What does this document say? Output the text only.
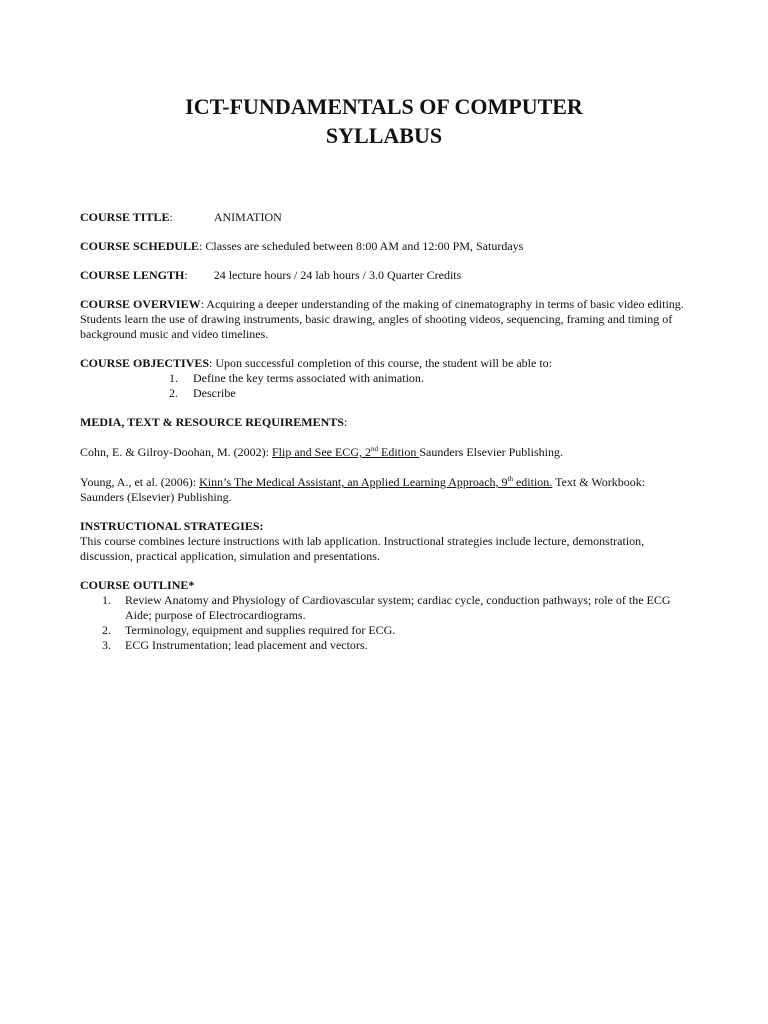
ICT-FUNDAMENTALS OF COMPUTER
SYLLABUS

COURSE TITLE:	ANIMATION

COURSE SCHEDULE: Classes are scheduled between 8:00 AM and 12:00 PM, Saturdays

COURSE LENGTH: 24 lecture hours / 24 lab hours / 3.0 Quarter Credits

COURSE OVERVIEW: Acquiring a deeper understanding of the making of cinematography in terms of basic video editing. Students learn the use of drawing instruments, basic drawing, angles of shooting videos, sequencing, framing and timing of background music and video timelines.

COURSE OBJECTIVES: Upon successful completion of this course, the student will be able to:

1. Define the key terms associated with animation.
2. Describe

MEDIA, TEXT & RESOURCE REQUIREMENTS:

Cohn, E. & Gilroy-Doohan, M. (2002): Flip and See ECG, 2nd Edition Saunders Elsevier Publishing.

Young, A., et al. (2006): Kinn’s The Medical Assistant, an Applied Learning Approach, 9th edition. Text & Workbook: Saunders (Elsevier) Publishing.

INSTRUCTIONAL STRATEGIES:

This course combines lecture instructions with lab application. Instructional strategies include lecture, demonstration, discussion, practical application, simulation and presentations.

COURSE OUTLINE*

1. Review Anatomy and Physiology of Cardiovascular system; cardiac cycle, conduction pathways; role of the ECG Aide; purpose of Electrocardiograms.
2. Terminology, equipment and supplies required for ECG.
3. ECG Instrumentation; lead placement and vectors.
